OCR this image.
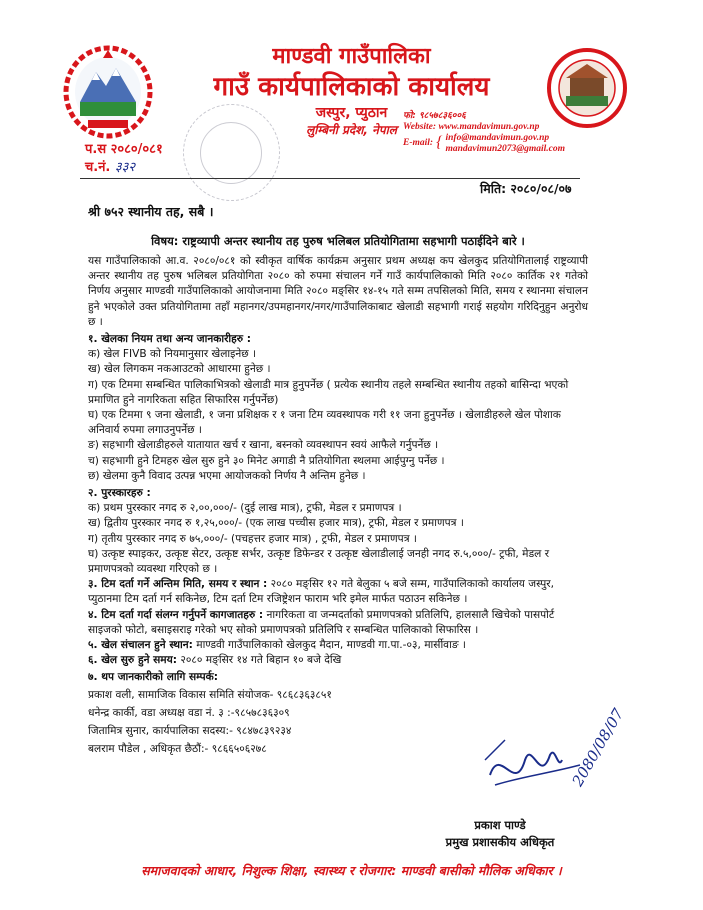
माण्डवी गाउँपालिका
गाउँ कार्यपालिकाको कार्यालय
जस्पुर, प्युठान
लुम्बिनी प्रदेश, नेपाल
फो: ९८५७८३६००६
Website: www.mandavimun.gov.np
E-mail: { info@mandavimun.gov.np
mandavimun2073@gmail.com
प.स २०८०/०८१
च.नं. ३३२
मिति: २०८०/०८/०७
श्री ७५२ स्थानीय तह, सबै ।
विषय: राष्ट्रव्यापी अन्तर स्थानीय तह पुरुष भलिबल प्रतियोगितामा सहभागी पठाईदिने बारे ।

यस गाउँपालिकाको आ.व. २०८०/०८१ को स्वीकृत वार्षिक कार्यक्रम अनुसार प्रथम अध्यक्ष कप खेलकुद प्रतियोगितालाई राष्ट्रव्यापी अन्तर स्थानीय तह पुरुष भलिबल प्रतियोगिता २०८० को रुपमा संचालन गर्ने गाउँ कार्यपालिकाको मिति २०८० कार्तिक २१ गतेको निर्णय अनुसार माण्डवी गाउँपालिकाको आयोजनामा मिति २०८० मङ्सिर १४-१५ गते सम्म तपसिलको मिति, समय र स्थानमा संचालन हुने भएकोले उक्त प्रतियोगितामा तहाँ महानगर/उपमहानगर/नगर/गाउँपालिकाबाट खेलाडी सहभागी गराई सहयोग गरिदिनुहुन अनुरोध छ ।

१. खेलका नियम तथा अन्य जानकारीहरु :

क) खेल FIVB को नियमानुसार खेलाइनेछ ।

ख) खेल लिगकम नकआउटको आधारमा हुनेछ ।

ग) एक टिममा सम्बन्धित पालिकाभित्रको खेलाडी मात्र हुनुपर्नेछ ( प्रत्येक स्थानीय तहले सम्बन्धित स्थानीय तहको बासिन्दा भएको प्रमाणित हुने नागरिकता सहित सिफारिस गर्नुपर्नेछ)

घ) एक टिममा ९ जना खेलाडी, १ जना प्रशिक्षक र १ जना टिम व्यवस्थापक गरी ११ जना हुनुपर्नेछ । खेलाडीहरुले खेल पोशाक अनिवार्य रुपमा लगाउनुपर्नेछ ।

ङ) सहभागी खेलाडीहरुले यातायात खर्च र खाना, बस्नको व्यवस्थापन स्वयं आफैले गर्नुपर्नेछ ।

च) सहभागी हुने टिमहरु खेल सुरु हुने ३० मिनेट अगाडी नै प्रतियोगिता स्थलमा आईपुग्नु पर्नेछ ।

छ) खेलमा कुनै विवाद उत्पन्न भएमा आयोजकको निर्णय नै अन्तिम हुनेछ ।

२. पुरस्कारहरु :

क) प्रथम पुरस्कार नगद रु २,००,०००/- (दुई लाख मात्र), ट्रफी, मेडल र प्रमाणपत्र ।

ख) द्वितीय पुरस्कार नगद रु १,२५,०००/- (एक लाख पच्चीस हजार मात्र), ट्रफी, मेडल र प्रमाणपत्र ।

ग) तृतीय पुरस्कार नगद रु ७५,०००/- (पचहत्तर हजार मात्र) , ट्रफी, मेडल र प्रमाणपत्र ।

घ) उत्कृष्ट स्पाइकर, उत्कृष्ट सेटर, उत्कृष्ट सर्भर, उत्कृष्ट डिफेन्डर र उत्कृष्ट खेलाडीलाई जनही नगद रु.५,०००/- ट्रफी, मेडल र प्रमाणपत्रको व्यवस्था गरिएको छ ।

३. टिम दर्ता गर्ने अन्तिम मिति, समय र स्थान : २०८० मङ्सिर १२ गते बेलुका ५ बजे सम्म, गाउँपालिकाको कार्यालय जस्पुर, प्युठानमा टिम दर्ता गर्न सकिनेछ, टिम दर्ता टिम रजिष्ट्रेशन फाराम भरि इमेल मार्फत पठाउन सकिनेछ ।

४. टिम दर्ता गर्दा संलग्न गर्नुपर्ने कागजातहरु : नागरिकता वा जन्मदर्ताको प्रमाणपत्रको प्रतिलिपि, हालसालै खिचेको पासपोर्ट साइजको फोटो, बसाइसराइ गरेको भए सोको प्रमाणपत्रको प्रतिलिपि र सम्बन्धित पालिकाको सिफारिस ।

५. खेल संचालन हुने स्थान: माण्डवी गाउँपालिकाको खेलकुद मैदान, माण्डवी गा.पा.-०३, मार्सीवाङ ।

६. खेल सुरु हुने समय: २०८० मङ्सिर १४ गते बिहान १० बजे देखि

७. थप जानकारीको लागि सम्पर्क:

प्रकाश वली, सामाजिक विकास समिति संयोजक- ९८६८३६३८५१

धनेन्द्र कार्की, वडा अध्यक्ष वडा नं. ३ :-९८५७८३६३०९

जितामित्र सुनार, कार्यपालिका सदस्य:- ९८४७८३९२३४

बलराम पौडेल , अधिकृत छैठौं:- ९८६६५०६२७८	2080/08/07
प्रकाश पाण्डे
प्रमुख प्रशासकीय अधिकृत
समाजवादको आधार, निशुल्क शिक्षा, स्वास्थ्य र रोजगार: माण्डवी बासीको मौलिक अधिकार ।
